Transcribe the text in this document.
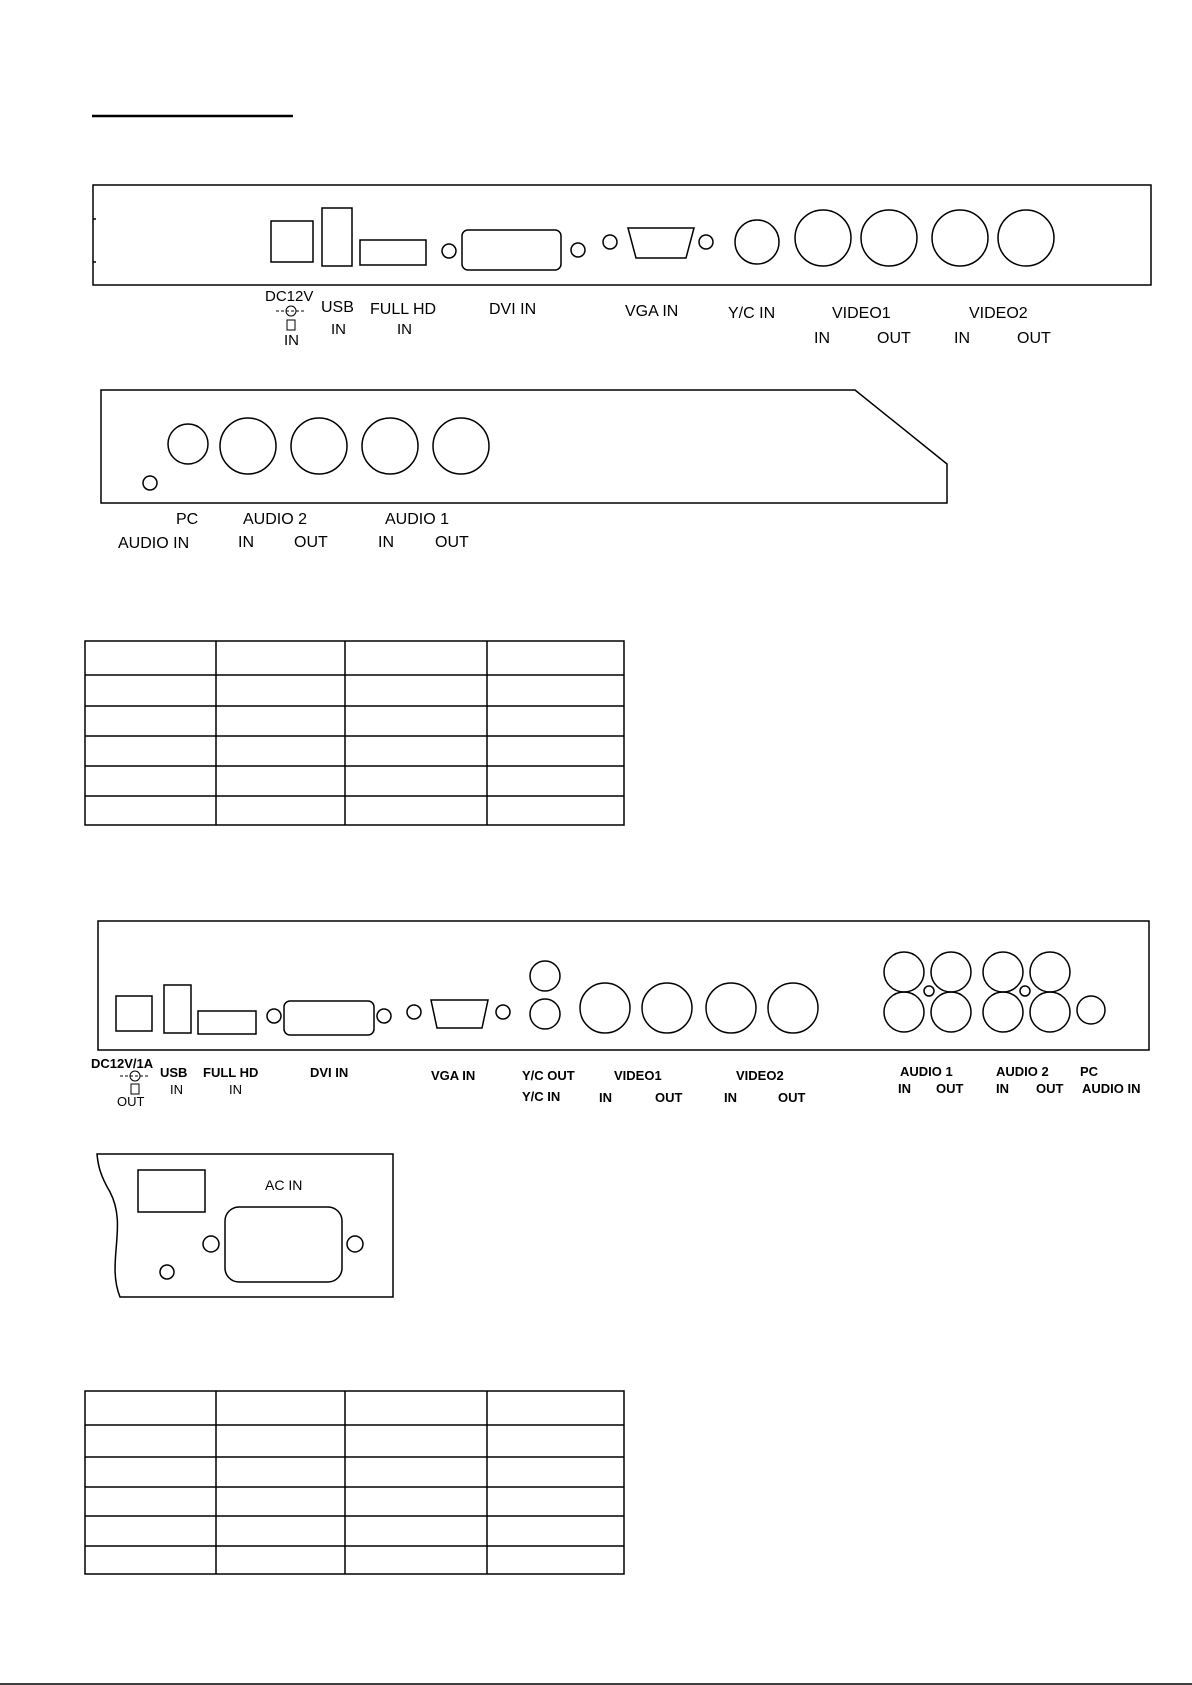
DC12V
IN
USB
IN
FULL HD
IN
DVI IN	VGA IN	Y/C IN	VIDEO1
IN	OUT
VIDEO2
IN	OUT
PC
AUDIO IN
AUDIO 2
IN	OUT
AUDIO 1
IN	OUT
DC12V/1A
OUT
USB
IN
FULL HD
IN
DVI IN	VGA IN	Y/C OUT
Y/C IN
VIDEO1
IN	OUT
VIDEO2
IN	OUT
AUDIO 1
IN OUT
AUDIO 2
IN OUT
PC
AUDIO IN
AC IN
